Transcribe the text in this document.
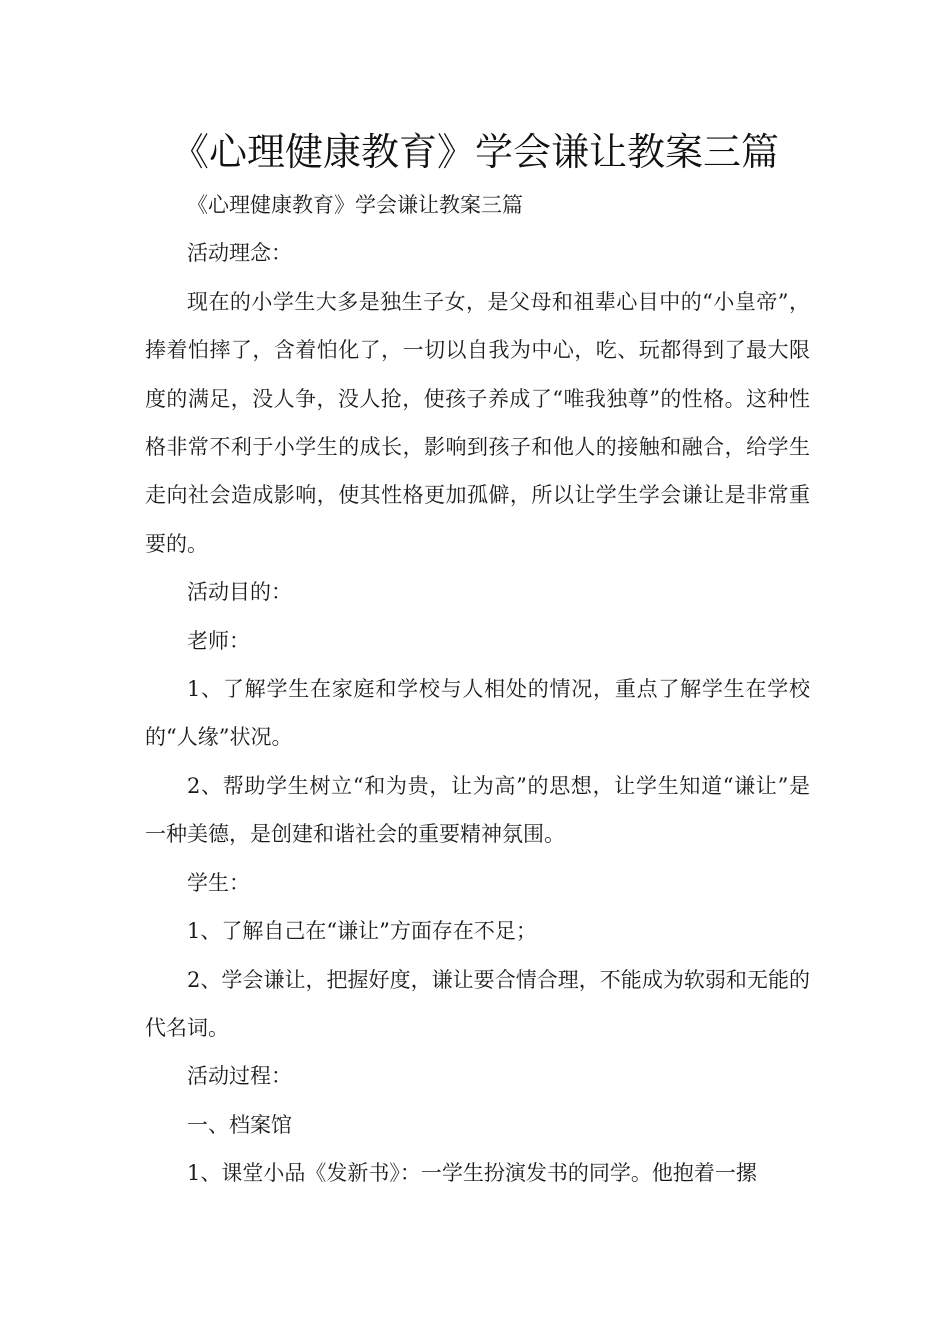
《心理健康教育》学会谦让教案三篇

《心理健康教育》学会谦让教案三篇

活动理念：

现在的小学生大多是独生子女，是父母和祖辈心目中的“小皇帝”，捧着怕摔了，含着怕化了，一切以自我为中心，吃、玩都得到了最大限度的满足，没人争，没人抢，使孩子养成了“唯我独尊”的性格。这种性格非常不利于小学生的成长，影响到孩子和他人的接触和融合，给学生走向社会造成影响，使其性格更加孤僻，所以让学生学会谦让是非常重要的。

活动目的：

老师：

1、了解学生在家庭和学校与人相处的情况，重点了解学生在学校的“人缘”状况。

2、帮助学生树立“和为贵，让为高”的思想，让学生知道“谦让”是一种美德，是创建和谐社会的重要精神氛围。

学生：

1、了解自己在“谦让”方面存在不足；

2、学会谦让，把握好度，谦让要合情合理，不能成为软弱和无能的代名词。

活动过程：

一、档案馆

1、课堂小品《发新书》：一学生扮演发书的同学。他抱着一摞
